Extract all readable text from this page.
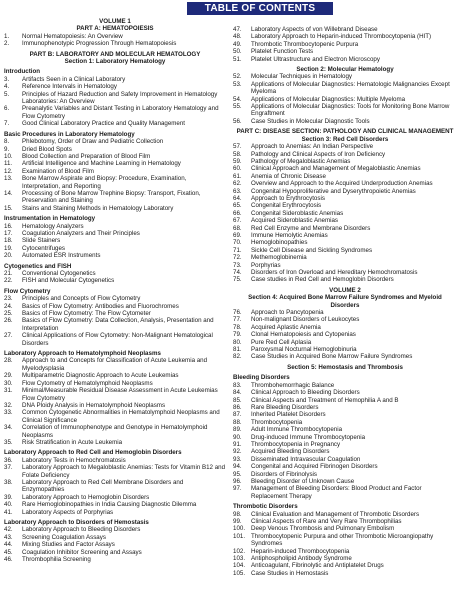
TABLE OF CONTENTS
VOLUME 1
PART A: HEMATOPOIESIS
1.	Normal Hematopoiesis: An Overview
2.	Immunophenotypic Progression Through Hematopoiesis
PART B: LABORATORY AND MOLECULAR HEMATOLOGY
Section 1: Laboratory Hematology
Introduction
3.	Artifacts Seen in a Clinical Laboratory
4.	Reference Intervals in Hematology
5.	Principles of Hazard Reduction and Safety Improvement in Hematology Laboratories: An Overview
6.	Preanalytic Variables and Distant Testing in Laboratory Hematology and Flow Cytometry
7.	Good Clinical Laboratory Practice and Quality Management
Basic Procedures in Laboratory Hematology
8.	Phlebotomy, Order of Draw and Pediatric Collection
9.	Dried Blood Spots
10.	Blood Collection and Preparation of Blood Film
11.	Artificial Intelligence and Machine Learning in Hematology
12.	Examination of Blood Film
13.	Bone Marrow Aspirate and Biopsy: Procedure, Examination, Interpretation, and Reporting
14.	Processing of Bone Marrow Trephine Biopsy: Transport, Fixation, Preservation and Staining
15.	Stains and Staining Methods in Hematology Laboratory
Instrumentation in Hematology
16.	Hematology Analyzers
17.	Coagulation Analyzers and Their Principles
18.	Slide Stainers
19.	Cytocentrifuges
20.	Automated ESR Instruments
Cytogenetics and FISH
21.	Conventional Cytogenetics
22.	FISH and Molecular Cytogenetics
Flow Cytometry
23.	Principles and Concepts of Flow Cytometry
24.	Basics of Flow Cytometry: Antibodies and Fluorochromes
25.	Basics of Flow Cytometry: The Flow Cytometer
26.	Basics of Flow Cytometry: Data Collection, Analysis, Presentation and Interpretation
27.	Clinical Applications of Flow Cytometry: Non-Malignant Hematological Disorders
Laboratory Approach to Hematolymphoid Neoplasms
28.	Approach to and Concepts for Classification of Acute Leukemia and Myelodysplasia
29.	Multiparametric Diagnostic Approach to Acute Leukemias
30.	Flow Cytometry of Hematolymphoid Neoplasms
31.	Minimal/Measurable Residual Disease Assessment in Acute Leukemias Flow Cytometry
32.	DNA Ploidy Analysis in Hematolymphoid Neoplasms
33.	Common Cytogenetic Abnormalities in Hematolymphoid Neoplasms and Clinical Significance
34.	Correlation of Immunophenotype and Genotype in Hematolymphoid Neoplasms
35.	Risk Stratification in Acute Leukemia
Laboratory Approach to Red Cell and Hemoglobin Disorders
36.	Laboratory Tests in Hemochromatosis
37.	Laboratory Approach to Megaloblastic Anemias: Tests for Vitamin B12 and Folate Deficiency
38.	Laboratory Approach to Red Cell Membrane Disorders and Enzymopathies
39.	Laboratory Approach to Hemoglobin Disorders
40.	Rare Hemoglobinopathies in India Causing Diagnostic Dilemma
41.	Laboratory Aspects of Porphyrias
Laboratory Approach to Disorders of Hemostasis
42.	Laboratory Approach to Bleeding Disorders
43.	Screening Coagulation Assays
44.	Mixing Studies and Factor Assays
45.	Coagulation Inhibitor Screening and Assays
46.	Thrombophilia Screening
47.	Laboratory Aspects of von Willebrand Disease
48.	Laboratory Approach to Heparin-induced Thrombocytopenia (HIT)
49.	Thrombotic Thrombocytopenic Purpura
50.	Platelet Function Tests
51.	Platelet Ultrastructure and Electron Microscopy
Section 2: Molecular Hematology
52.	Molecular Techniques in Hematology
53.	Applications of Molecular Diagnostics: Hematologic Malignancies Except Myeloma
54.	Applications of Molecular Diagnostics: Multiple Myeloma
55.	Applications of Molecular Diagnostics: Tools for Monitoring Bone Marrow Engraftment
56.	Case Studies in Molecular Diagnostic Tools
PART C: DISEASE SECTION: PATHOLOGY AND CLINICAL MANAGEMENT
Section 3: Red Cell Disorders
57.	Approach to Anemias: An Indian Perspective
58.	Pathology and Clinical Aspects of Iron Deficiency
59.	Pathology of Megaloblastic Anemias
60.	Clinical Approach and Management of Megaloblastic Anemias
61.	Anemia of Chronic Disease
62.	Overview and Approach to the Acquired Underproduction Anemias
63.	Congenital Hypoproliferative and Dyserythropoietic Anemias
64.	Approach to Erythrocytosis
65.	Congenital Erythrocytosis
66.	Congenital Sideroblastic Anemias
67.	Acquired Sideroblastic Anemias
68.	Red Cell Enzyme and Membrane Disorders
69.	Immune Hemolytic Anemias
70.	Hemoglobinopathies
71.	Sickle Cell Disease and Sickling Syndromes
72.	Methemoglobinemia
73.	Porphyrias
74.	Disorders of Iron Overload and Hereditary Hemochromatosis
75.	Case studies in Red Cell and Hemoglobin Disorders
VOLUME 2
Section 4: Acquired Bone Marrow Failure Syndromes and Myeloid Disorders
76.	Approach to Pancytopenia
77.	Non-malignant Disorders of Leukocytes
78.	Acquired Aplastic Anemia
79.	Clonal Hematopoiesis and Cytopenias
80.	Pure Red Cell Aplasia
81.	Paroxysmal Nocturnal Hemoglobinuria
82.	Case Studies in Acquired Bone Marrow Failure Syndromes
Section 5: Hemostasis and Thrombosis
Bleeding Disorders
83.	Thrombohemorrhagic Balance
84.	Clinical Approach to Bleeding Disorders
85.	Clinical Aspects and Treatment of Hemophilia A and B
86.	Rare Bleeding Disorders
87.	Inherited Platelet Disorders
88.	Thrombocytopenia
89.	Adult Immune Thrombocytopenia
90.	Drug-induced Immune Thrombocytopenia
91.	Thrombocytopenia in Pregnancy
92.	Acquired Bleeding Disorders
93.	Disseminated Intravascular Coagulation
94.	Congenital and Acquired Fibrinogen Disorders
95.	Disorders of Fibrinolysis
96.	Bleeding Disorder of Unknown Cause
97.	Management of Bleeding Disorders: Blood Product and Factor Replacement Therapy
Thrombotic Disorders
98.	Clinical Evaluation and Management of Thrombotic Disorders
99.	Clinical Aspects of Rare and Very Rare Thrombophilias
100. Deep Venous Thrombosis and Pulmonary Embolism
101. Thrombocytopenic Purpura and other Thrombotic Microangiopathy Syndromes
102. Heparin-induced Thrombocytopenia
103. Antiphospholipid Antibody Syndrome
104. Anticoagulant, Fibrinolytic and Antiplatelet Drugs
105. Case Studies in Hemostasis
